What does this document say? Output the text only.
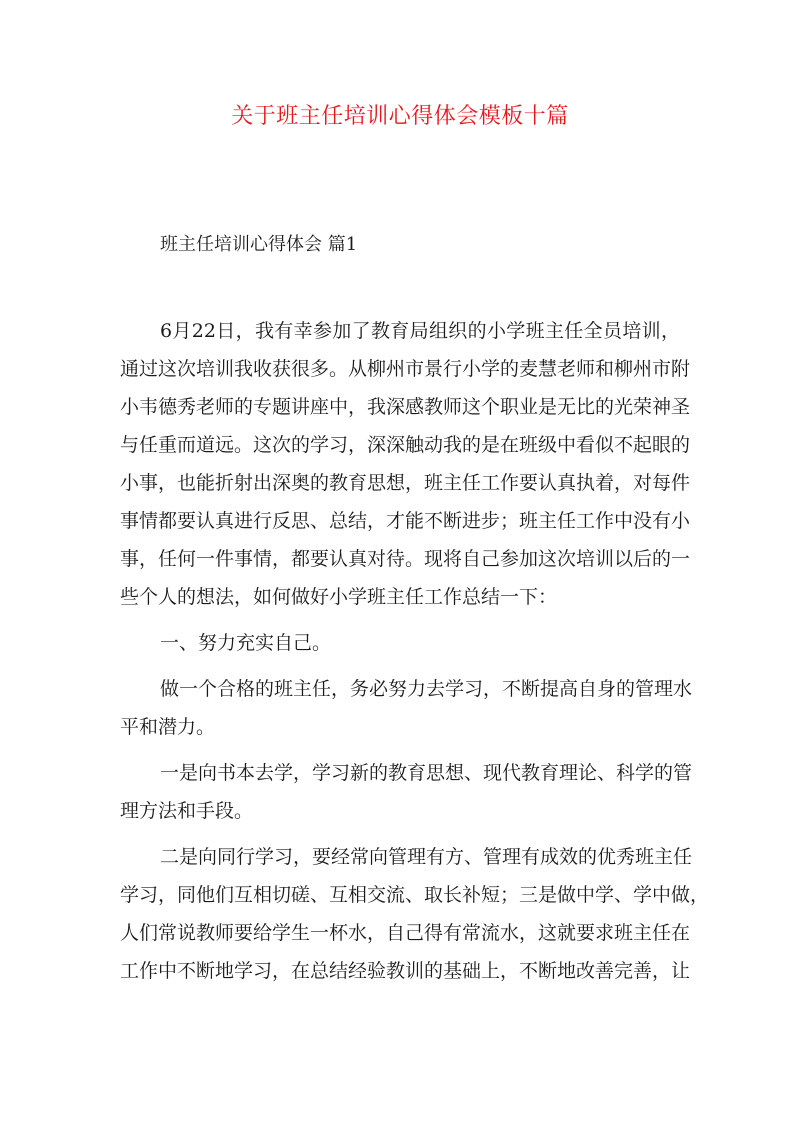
关于班主任培训心得体会模板十篇
班主任培训心得体会 篇1
6月22日，我有幸参加了教育局组织的小学班主任全员培训，
通过这次培训我收获很多。从柳州市景行小学的麦慧老师和柳州市附
小韦德秀老师的专题讲座中，我深感教师这个职业是无比的光荣神圣
与任重而道远。这次的学习，深深触动我的是在班级中看似不起眼的
小事，也能折射出深奥的教育思想，班主任工作要认真执着，对每件
事情都要认真进行反思、总结，才能不断进步；班主任工作中没有小
事，任何一件事情，都要认真对待。现将自己参加这次培训以后的一
些个人的想法，如何做好小学班主任工作总结一下：
一、努力充实自己。
做一个合格的班主任，务必努力去学习，不断提高自身的管理水
平和潜力。
一是向书本去学，学习新的教育思想、现代教育理论、科学的管
理方法和手段。
二是向同行学习，要经常向管理有方、管理有成效的优秀班主任
学习，同他们互相切磋、互相交流、取长补短；三是做中学、学中做，
人们常说教师要给学生一杯水，自己得有常流水，这就要求班主任在
工作中不断地学习，在总结经验教训的基础上，不断地改善完善，让
